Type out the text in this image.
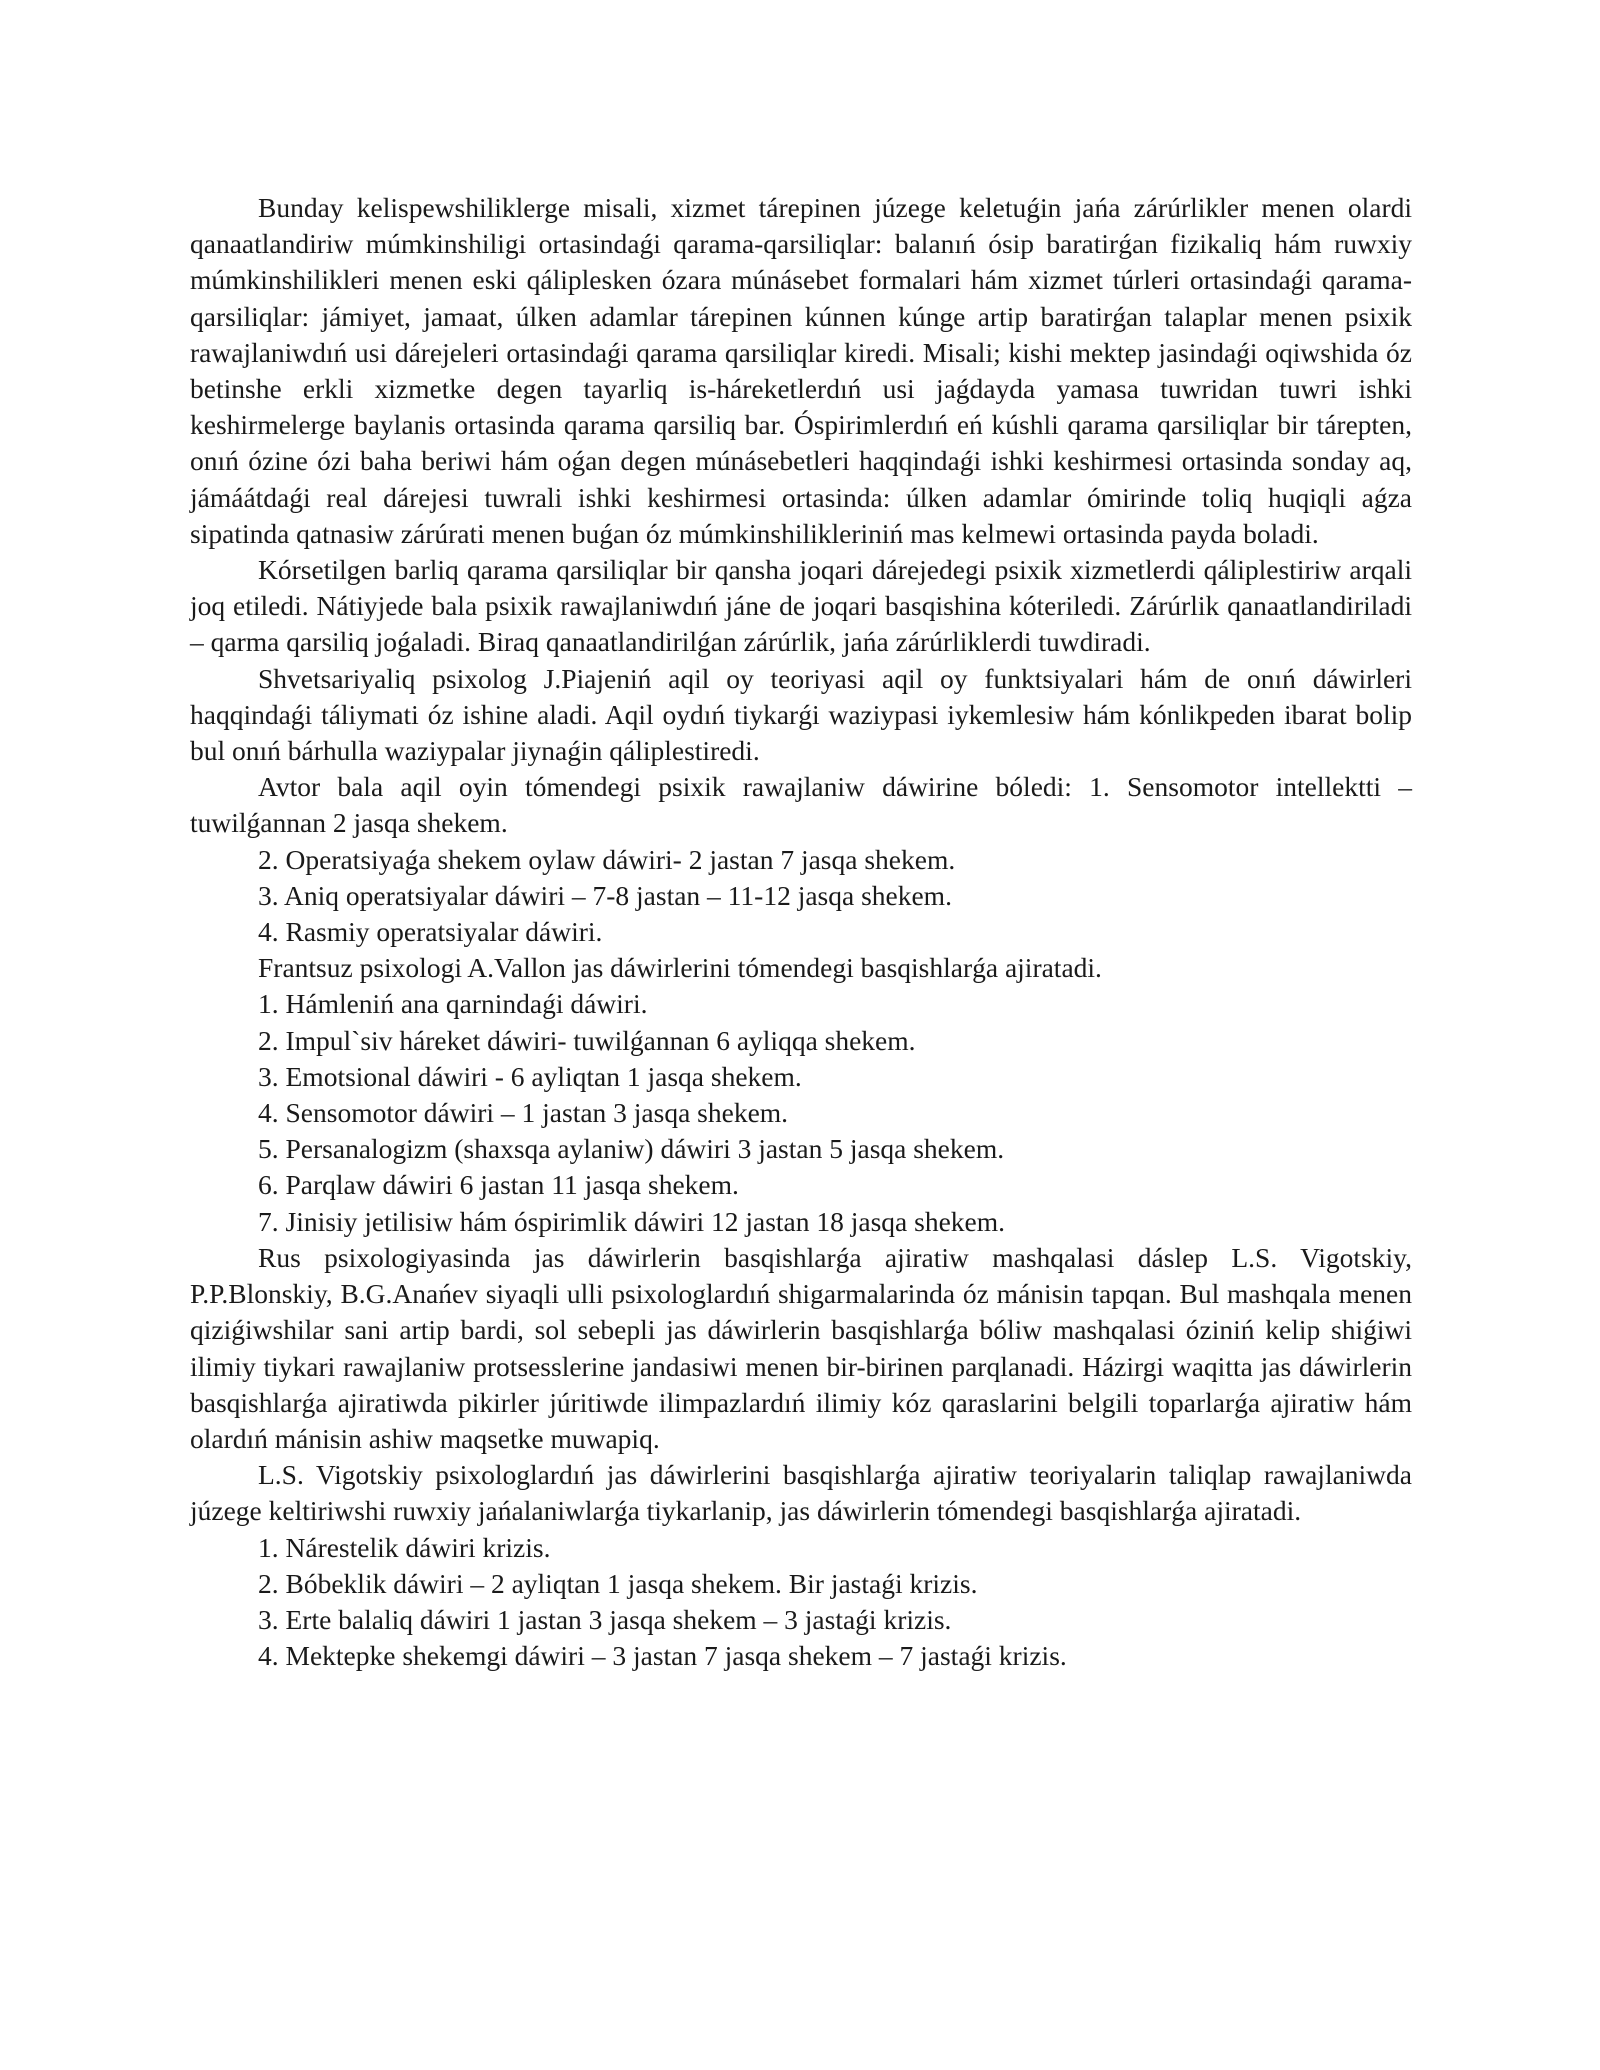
Bunday kelispewshiliklerge misali, xizmet tárepinen júzege keletuǵin jańa zárúrlikler menen olardi qanaatlandiriw múmkinshiligi ortasindaǵi qarama-qarsiliqlar: balanıń ósip baratirǵan fizikaliq hám ruwxiy múmkinshilikleri menen eski qáliplesken ózara múnásebet formalari hám xizmet túrleri ortasindaǵi qarama-qarsiliqlar: jámiyet, jamaat, úlken adamlar tárepinen kúnnen kúnge artip baratirǵan talaplar menen psixik rawajlaniwdıń usi dárejeleri ortasindaǵi qarama qarsiliqlar kiredi. Misali; kishi mektep jasindaǵi oqiwshida óz betinshe erkli xizmetke degen tayarliq is-háreketlerdıń usi jaǵdayda yamasa tuwridan tuwri ishki keshirmelerge baylanis ortasinda qarama qarsiliq bar. Óspirimlerdıń eń kúshli qarama qarsiliqlar bir tárepten, onıń ózine ózi baha beriwi hám oǵan degen múnásebetleri haqqindaǵi ishki keshirmesi ortasinda sonday aq, jámáátdaǵi real dárejesi tuwrali ishki keshirmesi ortasinda: úlken adamlar ómirinde toliq huqiqli aǵza sipatinda qatnasiw zárúrati menen buǵan óz múmkinshilikleriniń mas kelmewi ortasinda payda boladi.

Kórsetilgen barliq qarama qarsiliqlar bir qansha joqari dárejedegi psixik xizmetlerdi qáliplestiriw arqali joq etiledi. Nátiyjede bala psixik rawajlaniwdıń jáne de joqari basqishina kóteriledi. Zárúrlik qanaatlandiriladi – qarma qarsiliq joǵaladi. Biraq qanaatlandirilǵan zárúrlik, jańa zárúrliklerdi tuwdiradi.

Shvetsariyaliq psixolog J.Piajeniń aqil oy teoriyasi aqil oy funktsiyalari hám de onıń dáwirleri haqqindaǵi táliymati óz ishine aladi. Aqil oydıń tiykarǵi waziypasi iykemlesiw hám kónlikpeden ibarat bolip bul onıń bárhulla waziypalar jiynaǵin qáliplestiredi.

Avtor bala aqil oyin tómendegi psixik rawajlaniw dáwirine bóledi: 1. Sensomotor intellektti – tuwilǵannan 2 jasqa shekem.

2. Operatsiyaǵa shekem oylaw dáwiri- 2 jastan 7 jasqa shekem.

3. Aniq operatsiyalar dáwiri – 7-8 jastan – 11-12 jasqa shekem.

4. Rasmiy operatsiyalar dáwiri.

Frantsuz psixologi A.Vallon jas dáwirlerini tómendegi basqishlarǵa ajiratadi.

1. Hámleniń ana qarnindaǵi dáwiri.

2. Impul`siv háreket dáwiri- tuwilǵannan 6 ayliqqa shekem.

3. Emotsional dáwiri - 6 ayliqtan 1 jasqa shekem.

4. Sensomotor dáwiri – 1 jastan 3 jasqa shekem.

5. Persanalogizm (shaxsqa aylaniw) dáwiri 3 jastan 5 jasqa shekem.

6. Parqlaw dáwiri 6 jastan 11 jasqa shekem.

7. Jinisiy jetilisiw hám óspirimlik dáwiri 12 jastan 18 jasqa shekem.

Rus psixologiyasinda jas dáwirlerin basqishlarǵa ajiratiw mashqalasi dáslep L.S. Vigotskiy, P.P.Blonskiy, B.G.Anańev siyaqli ulli psixologlardıń shigarmalarinda óz mánisin tapqan. Bul mashqala menen qiziǵiwshilar sani artip bardi, sol sebepli jas dáwirlerin basqishlarǵa bóliw mashqalasi óziniń kelip shiǵiwi ilimiy tiykari rawajlaniw protsesslerine jandasiwi menen bir-birinen parqlanadi. Házirgi waqitta jas dáwirlerin basqishlarǵa ajiratiwda pikirler júritiwde ilimpazlardıń ilimiy kóz qaraslarini belgili toparlarǵa ajiratiw hám olardıń mánisin ashiw maqsetke muwapiq.

L.S. Vigotskiy psixologlardıń jas dáwirlerini basqishlarǵa ajiratiw teoriyalarin taliqlap rawajlaniwda júzege keltiriwshi ruwxiy jańalaniwlarǵa tiykarlanip, jas dáwirlerin tómendegi basqishlarǵa ajiratadi.

1. Nárestelik dáwiri krizis.

2. Bóbeklik dáwiri – 2 ayliqtan 1 jasqa shekem. Bir jastaǵi krizis.

3. Erte balaliq dáwiri 1 jastan 3 jasqa shekem – 3 jastaǵi krizis.

4. Mektepke shekemgi dáwiri – 3 jastan 7 jasqa shekem – 7 jastaǵi krizis.
